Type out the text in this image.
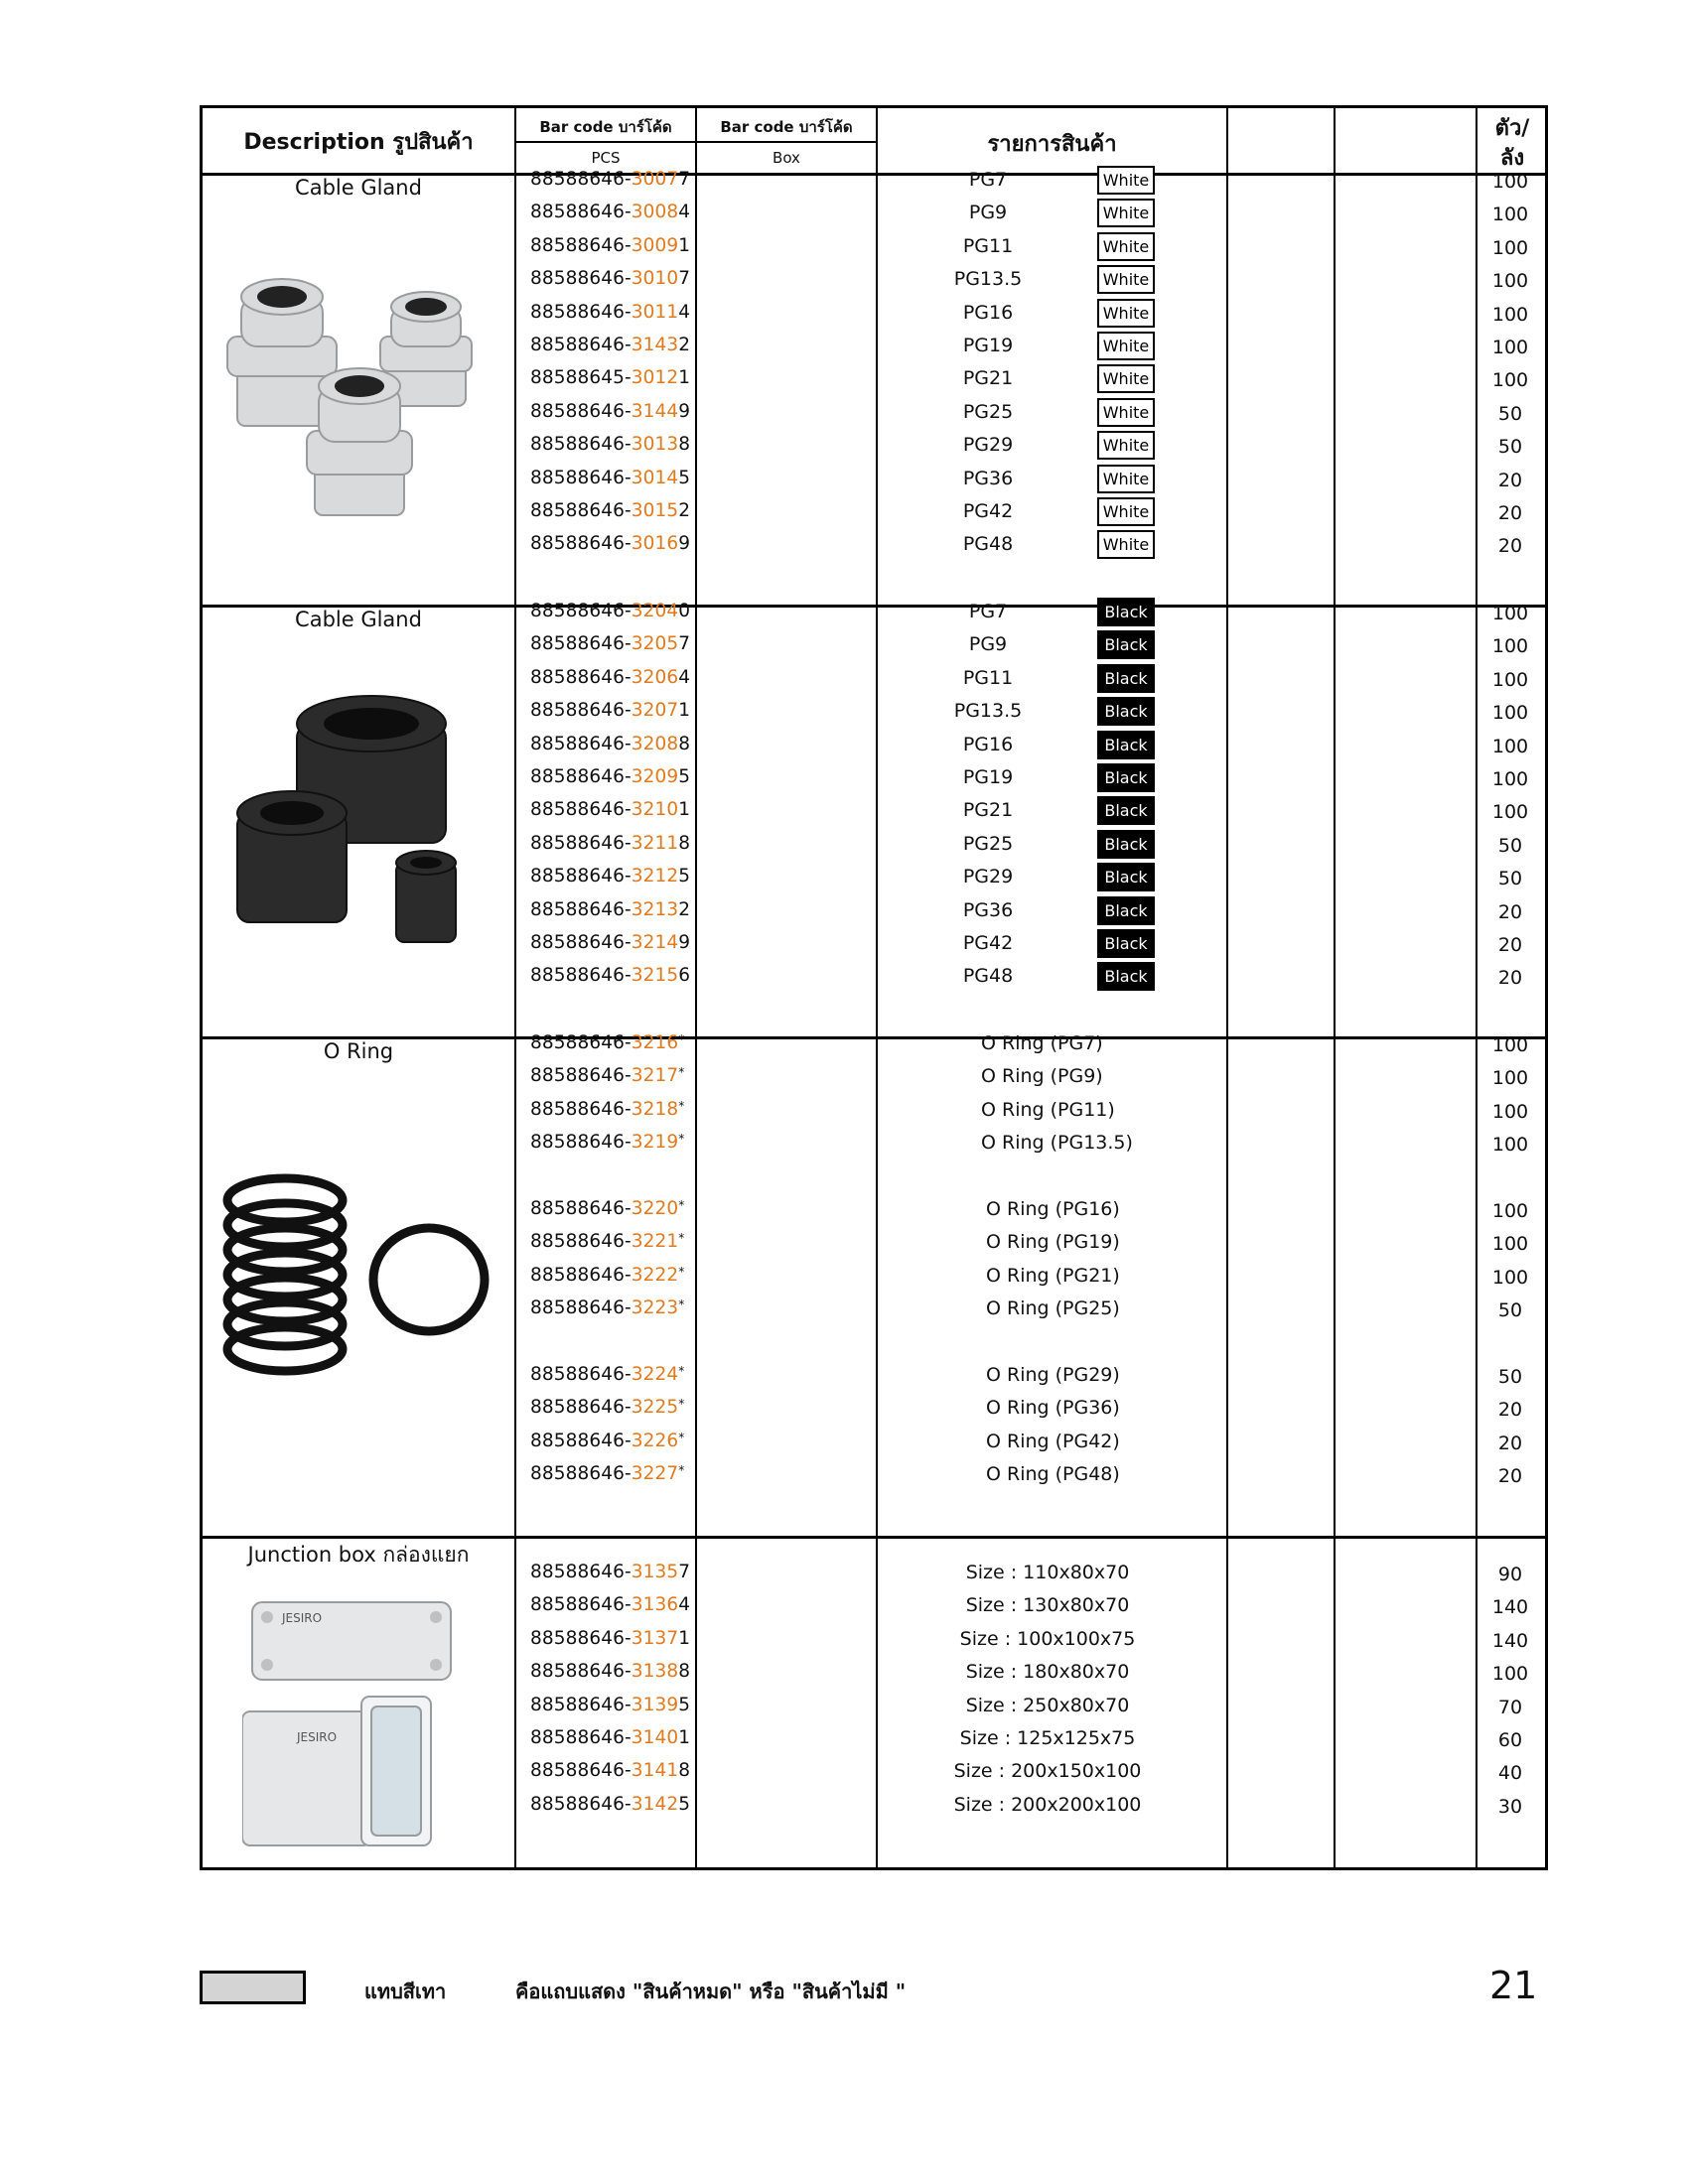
Description รูปสินค้า
Bar code บาร์โค้ด
PCS
Bar code บาร์โค้ด
Box
รายการสินค้า
ตัว/
ลัง
Cable Gland
Cable Gland
O Ring
Junction box กล่องแยก
JESIRO
JESIRO
88588646-30077	PG7	White	100
88588646-30084	PG9	White	100
88588646-30091	PG11	White	100
88588646-30107	PG13.5	White	100
88588646-30114	PG16	White	100
88588646-31432	PG19	White	100
88588645-30121	PG21	White	100
88588646-31449	PG25	White	50
88588646-30138	PG29	White	50
88588646-30145	PG36	White	20
88588646-30152	PG42	White	20
88588646-30169	PG48	White	20
88588646-32040	PG7	Black	100
88588646-32057	PG9	Black	100
88588646-32064	PG11	Black	100
88588646-32071	PG13.5	Black	100
88588646-32088	PG16	Black	100
88588646-32095	PG19	Black	100
88588646-32101	PG21	Black	100
88588646-32118	PG25	Black	50
88588646-32125	PG29	Black	50
88588646-32132	PG36	Black	20
88588646-32149	PG42	Black	20
88588646-32156	PG48	Black	20
88588646-3216*	O Ring (PG7)	100
88588646-3217*	O Ring (PG9)	100
88588646-3218*	O Ring (PG11)	100
88588646-3219*	O Ring (PG13.5)	100
88588646-3220*	O Ring (PG16)	100
88588646-3221*	O Ring (PG19)	100
88588646-3222*	O Ring (PG21)	100
88588646-3223*	O Ring (PG25)	50
88588646-3224*	O Ring (PG29)	50
88588646-3225*	O Ring (PG36)	20
88588646-3226*	O Ring (PG42)	20
88588646-3227*	O Ring (PG48)	20
88588646-31357	Size : 110x80x70	90
88588646-31364	Size : 130x80x70	140
88588646-31371	Size : 100x100x75	140
88588646-31388	Size : 180x80x70	100
88588646-31395	Size : 250x80x70	70
88588646-31401	Size : 125x125x75	60
88588646-31418	Size : 200x150x100	40
88588646-31425	Size : 200x200x100	30
แทบสีเทา	คือแถบแสดง "สินค้าหมด" หรือ "สินค้าไม่มี "	21
